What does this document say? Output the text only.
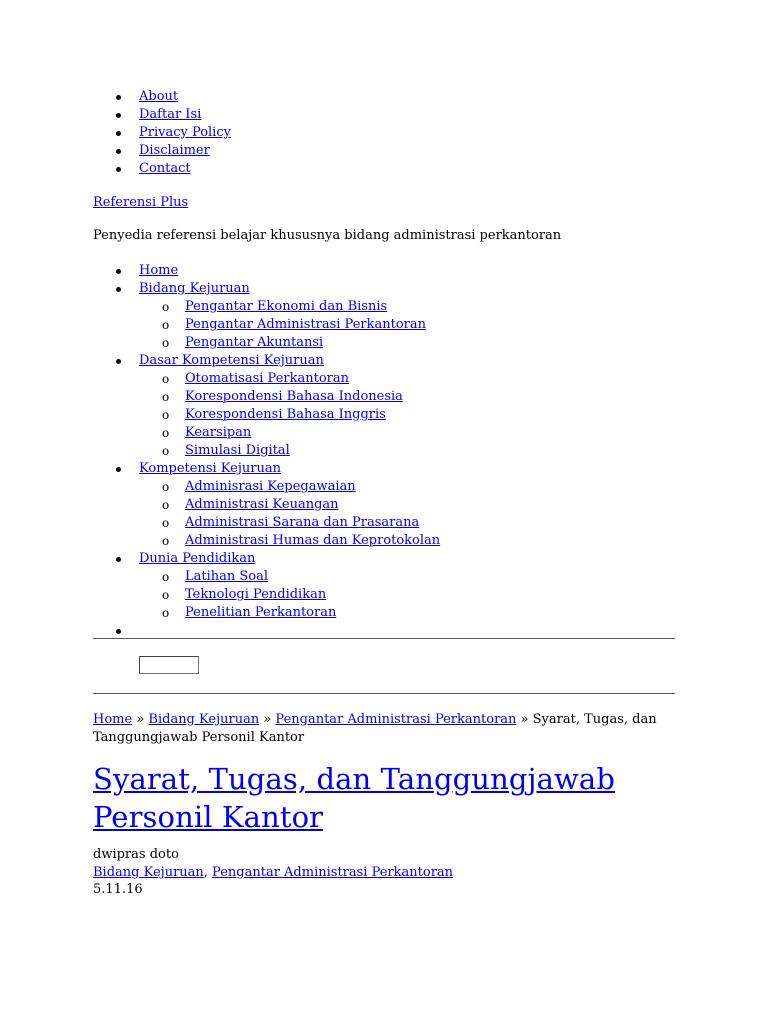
About
Daftar Isi
Privacy Policy
Disclaimer
Contact
Referensi Plus
Penyedia referensi belajar khususnya bidang administrasi perkantoran
Home
Bidang Kejuruan
o Pengantar Ekonomi dan Bisnis
o Pengantar Administrasi Perkantoran
o Pengantar Akuntansi
Dasar Kompetensi Kejuruan
o Otomatisasi Perkantoran
o Korespondensi Bahasa Indonesia
o Korespondensi Bahasa Inggris
o Kearsipan
o Simulasi Digital
Kompetensi Kejuruan
o Adminisrasi Kepegawaian
o Administrasi Keuangan
o Administrasi Sarana dan Prasarana
o Administrasi Humas dan Keprotokolan
Dunia Pendidikan
o Latihan Soal
o Teknologi Pendidikan
o Penelitian Perkantoran

Home » Bidang Kejuruan » Pengantar Administrasi Perkantoran » Syarat, Tugas, dan Tanggungjawab Personil Kantor
Syarat, Tugas, dan Tanggungjawab Personil Kantor
dwipras doto
Bidang Kejuruan, Pengantar Administrasi Perkantoran
5.11.16
